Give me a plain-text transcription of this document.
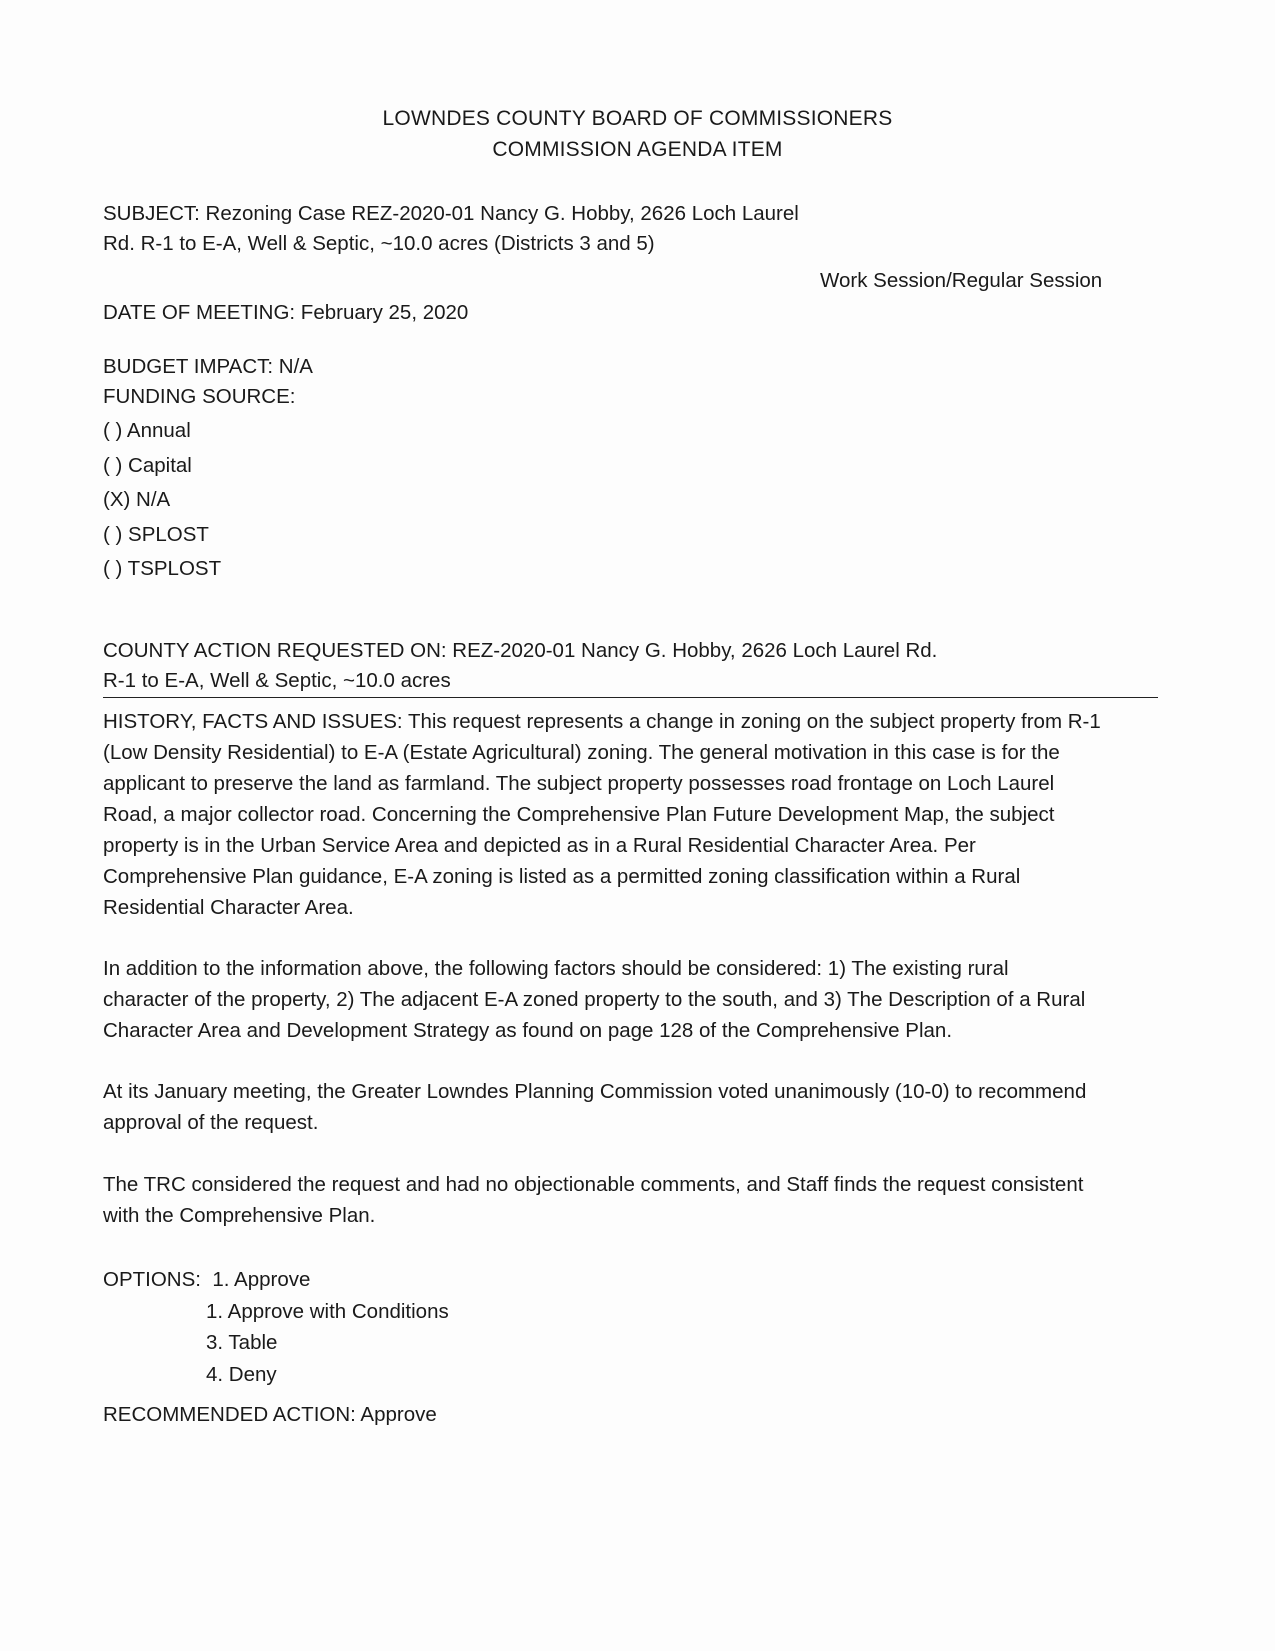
LOWNDES COUNTY BOARD OF COMMISSIONERS
COMMISSION AGENDA ITEM
SUBJECT: Rezoning Case REZ-2020-01 Nancy G. Hobby, 2626 Loch Laurel
Rd. R-1 to E-A, Well & Septic, ~10.0 acres (Districts 3 and 5)
Work Session/Regular Session
DATE OF MEETING: February 25, 2020
BUDGET IMPACT: N/A
FUNDING SOURCE:
( ) Annual
( ) Capital
(X) N/A
( ) SPLOST
( ) TSPLOST
COUNTY ACTION REQUESTED ON: REZ-2020-01 Nancy G. Hobby, 2626 Loch Laurel Rd.
R-1 to E-A, Well & Septic, ~10.0 acres
HISTORY, FACTS AND ISSUES: This request represents a change in zoning on the subject property from R-1
(Low Density Residential) to E-A (Estate Agricultural) zoning. The general motivation in this case is for the
applicant to preserve the land as farmland. The subject property possesses road frontage on Loch Laurel
Road, a major collector road. Concerning the Comprehensive Plan Future Development Map, the subject
property is in the Urban Service Area and depicted as in a Rural Residential Character Area. Per
Comprehensive Plan guidance, E-A zoning is listed as a permitted zoning classification within a Rural
Residential Character Area.
In addition to the information above, the following factors should be considered: 1) The existing rural
character of the property, 2) The adjacent E-A zoned property to the south, and 3) The Description of a Rural
Character Area and Development Strategy as found on page 128 of the Comprehensive Plan.
At its January meeting, the Greater Lowndes Planning Commission voted unanimously (10-0) to recommend
approval of the request.
The TRC considered the request and had no objectionable comments, and Staff finds the request consistent
with the Comprehensive Plan.
OPTIONS: 1. Approve
1. Approve with Conditions
3. Table
4. Deny
RECOMMENDED ACTION: Approve
